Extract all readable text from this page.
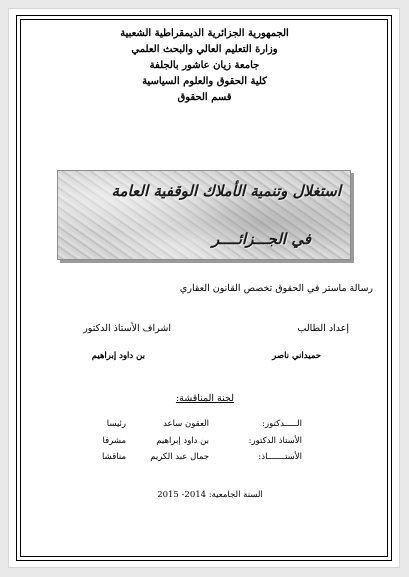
الجمهورية الجزائرية الديمقراطية الشعبية
وزارة التعليم العالي والبحث العلمي
جامعة زيان عاشور بالجلفة
كلية الحقوق والعلوم السياسية
قسم الحقوق
استغلال وتنمية الأملاك الوقفية العامة
في الجـــزائــــر
رسالة ماستر في الحقوق تخصص القانون العقاري
إعداد الطالب
اشراف الأستاذ الدكتور
حميداني ناصر
بن داود إبراهيم
لجنة المناقشة:
الـــــدكتور:
العقون ساعد
رئيسا
الأستاذ الدكتور:
بن داود إبراهيم
مشرفا
الأستـــــــاذ:
جمال عبد الكريم
مناقشا
السنة الجامعية: 2014- 2015
